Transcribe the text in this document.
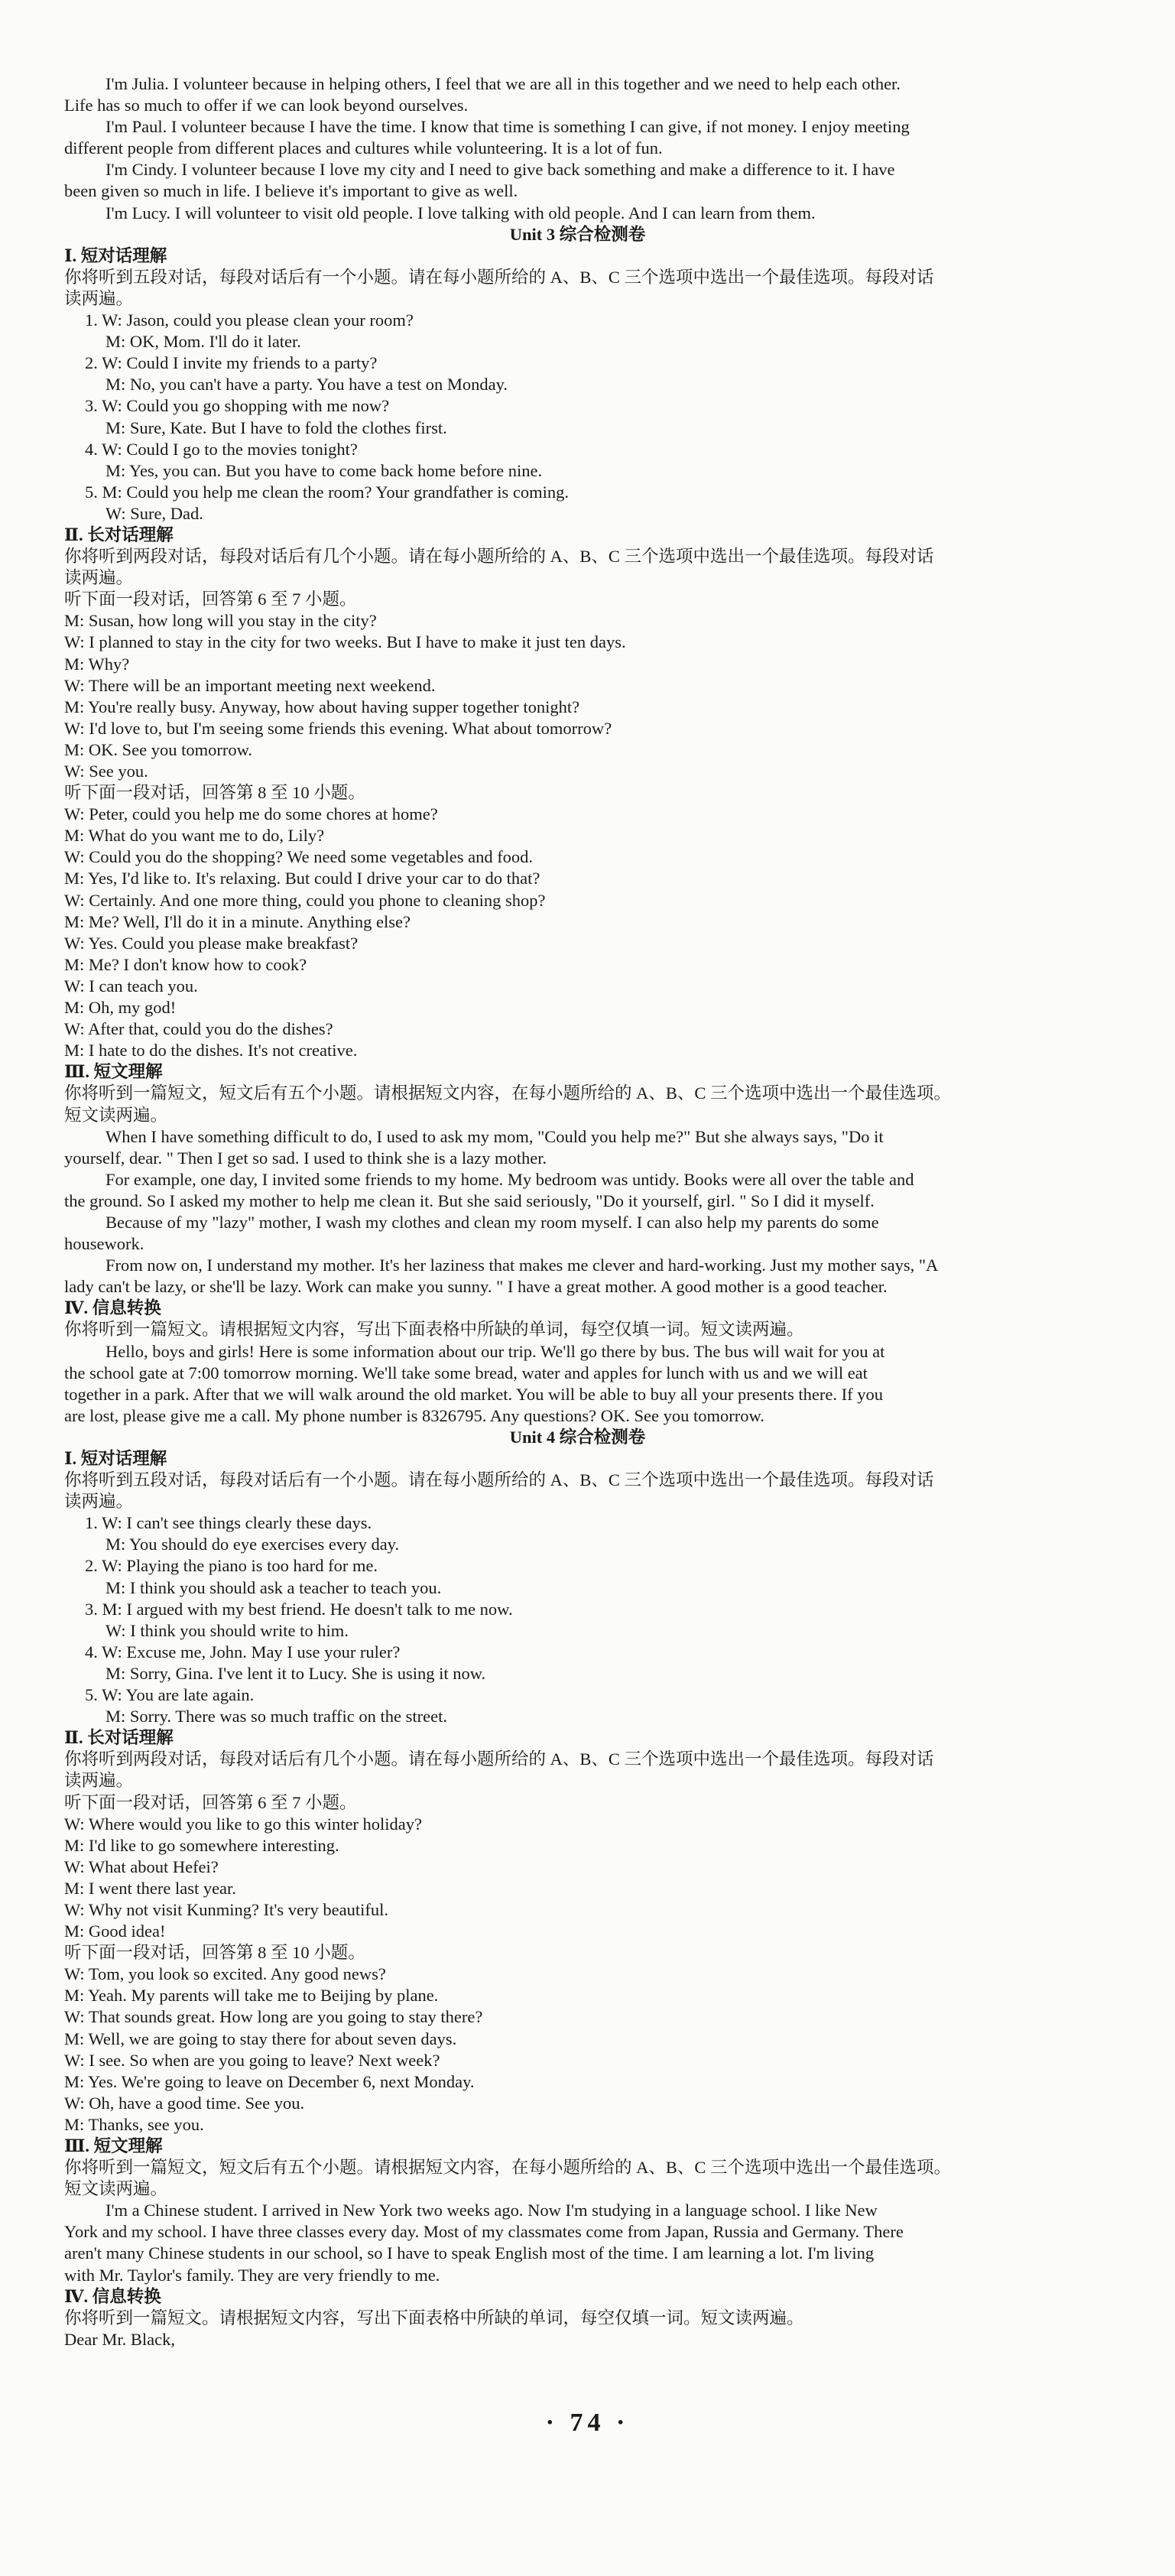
I'm Julia. I volunteer because in helping others, I feel that we are all in this together and we need to help each other.
Life has so much to offer if we can look beyond ourselves.
I'm Paul. I volunteer because I have the time. I know that time is something I can give, if not money. I enjoy meeting
different people from different places and cultures while volunteering. It is a lot of fun.
I'm Cindy. I volunteer because I love my city and I need to give back something and make a difference to it. I have
been given so much in life. I believe it's important to give as well.
I'm Lucy. I will volunteer to visit old people. I love talking with old people. And I can learn from them.
Unit 3 综合检测卷
Ⅰ. 短对话理解
你将听到五段对话，每段对话后有一个小题。请在每小题所给的 A、B、C 三个选项中选出一个最佳选项。每段对话
读两遍。
1. W: Jason, could you please clean your room?
M: OK, Mom. I'll do it later.
2. W: Could I invite my friends to a party?
M: No, you can't have a party. You have a test on Monday.
3. W: Could you go shopping with me now?
M: Sure, Kate. But I have to fold the clothes first.
4. W: Could I go to the movies tonight?
M: Yes, you can. But you have to come back home before nine.
5. M: Could you help me clean the room? Your grandfather is coming.
W: Sure, Dad.
Ⅱ. 长对话理解
你将听到两段对话，每段对话后有几个小题。请在每小题所给的 A、B、C 三个选项中选出一个最佳选项。每段对话
读两遍。
听下面一段对话，回答第 6 至 7 小题。
M: Susan, how long will you stay in the city?
W: I planned to stay in the city for two weeks. But I have to make it just ten days.
M: Why?
W: There will be an important meeting next weekend.
M: You're really busy. Anyway, how about having supper together tonight?
W: I'd love to, but I'm seeing some friends this evening. What about tomorrow?
M: OK. See you tomorrow.
W: See you.
听下面一段对话，回答第 8 至 10 小题。
W: Peter, could you help me do some chores at home?
M: What do you want me to do, Lily?
W: Could you do the shopping? We need some vegetables and food.
M: Yes, I'd like to. It's relaxing. But could I drive your car to do that?
W: Certainly. And one more thing, could you phone to cleaning shop?
M: Me? Well, I'll do it in a minute. Anything else?
W: Yes. Could you please make breakfast?
M: Me? I don't know how to cook?
W: I can teach you.
M: Oh, my god!
W: After that, could you do the dishes?
M: I hate to do the dishes. It's not creative.
Ⅲ. 短文理解
你将听到一篇短文，短文后有五个小题。请根据短文内容，在每小题所给的 A、B、C 三个选项中选出一个最佳选项。
短文读两遍。
When I have something difficult to do, I used to ask my mom, "Could you help me?" But she always says, "Do it
yourself, dear. " Then I get so sad. I used to think she is a lazy mother.
For example, one day, I invited some friends to my home. My bedroom was untidy. Books were all over the table and
the ground. So I asked my mother to help me clean it. But she said seriously, "Do it yourself, girl. " So I did it myself.
Because of my "lazy" mother, I wash my clothes and clean my room myself. I can also help my parents do some
housework.
From now on, I understand my mother. It's her laziness that makes me clever and hard-working. Just my mother says, "A
lady can't be lazy, or she'll be lazy. Work can make you sunny. " I have a great mother. A good mother is a good teacher.
Ⅳ. 信息转换
你将听到一篇短文。请根据短文内容，写出下面表格中所缺的单词，每空仅填一词。短文读两遍。
Hello, boys and girls! Here is some information about our trip. We'll go there by bus. The bus will wait for you at
the school gate at 7:00 tomorrow morning. We'll take some bread, water and apples for lunch with us and we will eat
together in a park. After that we will walk around the old market. You will be able to buy all your presents there. If you
are lost, please give me a call. My phone number is 8326795. Any questions? OK. See you tomorrow.
Unit 4 综合检测卷
Ⅰ. 短对话理解
你将听到五段对话，每段对话后有一个小题。请在每小题所给的 A、B、C 三个选项中选出一个最佳选项。每段对话
读两遍。
1. W: I can't see things clearly these days.
M: You should do eye exercises every day.
2. W: Playing the piano is too hard for me.
M: I think you should ask a teacher to teach you.
3. M: I argued with my best friend. He doesn't talk to me now.
W: I think you should write to him.
4. W: Excuse me, John. May I use your ruler?
M: Sorry, Gina. I've lent it to Lucy. She is using it now.
5. W: You are late again.
M: Sorry. There was so much traffic on the street.
Ⅱ. 长对话理解
你将听到两段对话，每段对话后有几个小题。请在每小题所给的 A、B、C 三个选项中选出一个最佳选项。每段对话
读两遍。
听下面一段对话，回答第 6 至 7 小题。
W: Where would you like to go this winter holiday?
M: I'd like to go somewhere interesting.
W: What about Hefei?
M: I went there last year.
W: Why not visit Kunming? It's very beautiful.
M: Good idea!
听下面一段对话，回答第 8 至 10 小题。
W: Tom, you look so excited. Any good news?
M: Yeah. My parents will take me to Beijing by plane.
W: That sounds great. How long are you going to stay there?
M: Well, we are going to stay there for about seven days.
W: I see. So when are you going to leave? Next week?
M: Yes. We're going to leave on December 6, next Monday.
W: Oh, have a good time. See you.
M: Thanks, see you.
Ⅲ. 短文理解
你将听到一篇短文，短文后有五个小题。请根据短文内容，在每小题所给的 A、B、C 三个选项中选出一个最佳选项。
短文读两遍。
I'm a Chinese student. I arrived in New York two weeks ago. Now I'm studying in a language school. I like New
York and my school. I have three classes every day. Most of my classmates come from Japan, Russia and Germany. There
aren't many Chinese students in our school, so I have to speak English most of the time. I am learning a lot. I'm living
with Mr. Taylor's family. They are very friendly to me.
Ⅳ. 信息转换
你将听到一篇短文。请根据短文内容，写出下面表格中所缺的单词，每空仅填一词。短文读两遍。
Dear Mr. Black,
· 74 ·
